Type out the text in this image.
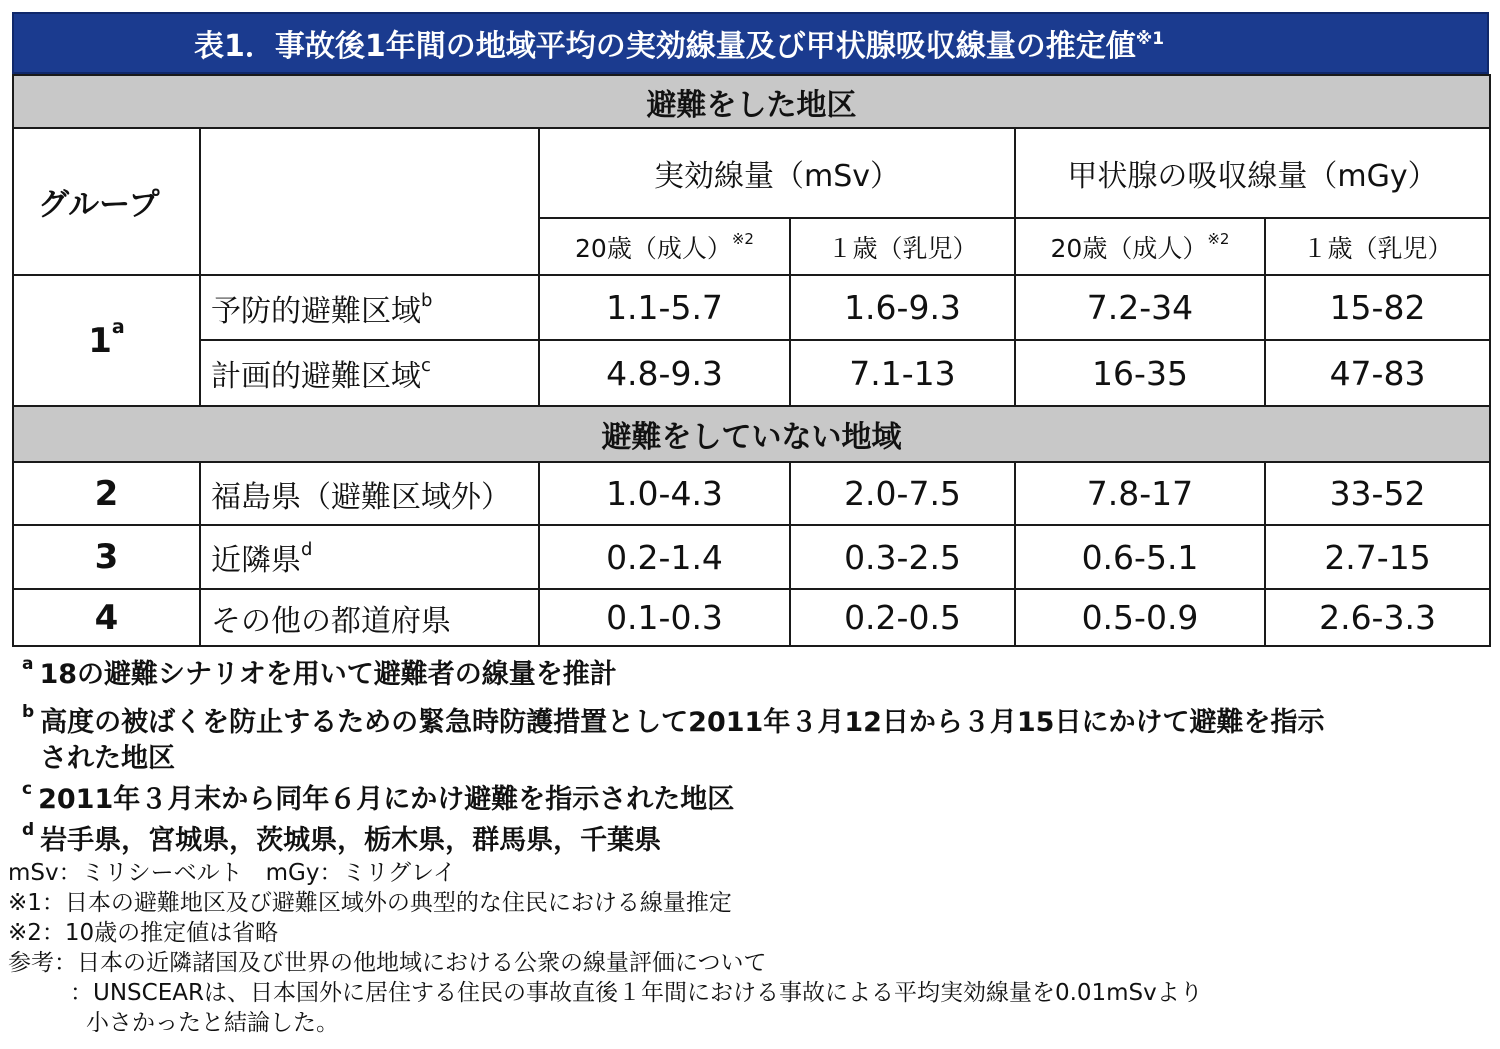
表1．事故後1年間の地域平均の実効線量及び甲状腺吸収線量の推定値$^{※1}$
避難をした地区					
グループ		実効線量（mSv）		甲状腺の吸収線量（mGy）	
		20歳（成人）$^{※2}$	１歳（乳児）	20歳（成人）$^{※2}$	１歳（乳児）
1$^a$	予防的避難区域$^b$	1.1-5.7	1.6-9.3	7.2-34	15-82
	計画的避難区域$^c$	4.8-9.3	7.1-13	16-35	47-83
避難をしていない地域					
2	福島県（避難区域外）	1.0-4.3	2.0-7.5	7.8-17	33-52
3	近隣県$^d$	0.2-1.4	0.3-2.5	0.6-5.1	2.7-15
4	その他の都道府県	0.1-0.3	0.2-0.5	0.5-0.9	2.6-3.3

$^a$ 18の避難シナリオを用いて避難者の線量を推計

$^b$ 高度の被ばくを防止するための緊急時防護措置として2011年３月12日から３月15日にかけて避難を指示
された地区

$^c$ 2011年３月末から同年６月にかけ避難を指示された地区

$^d$ 岩手県，宮城県，茨城県，栃木県，群馬県，千葉県

mSv：ミリシーベルト　mGy：ミリグレイ

※1：日本の避難地区及び避難区域外の典型的な住民における線量推定

※2：10歳の推定値は省略

参考：日本の近隣諸国及び世界の他地域における公衆の線量評価について

：UNSCEARは、日本国外に居住する住民の事故直後１年間における事故による平均実効線量を0.01mSvより

小さかったと結論した。
